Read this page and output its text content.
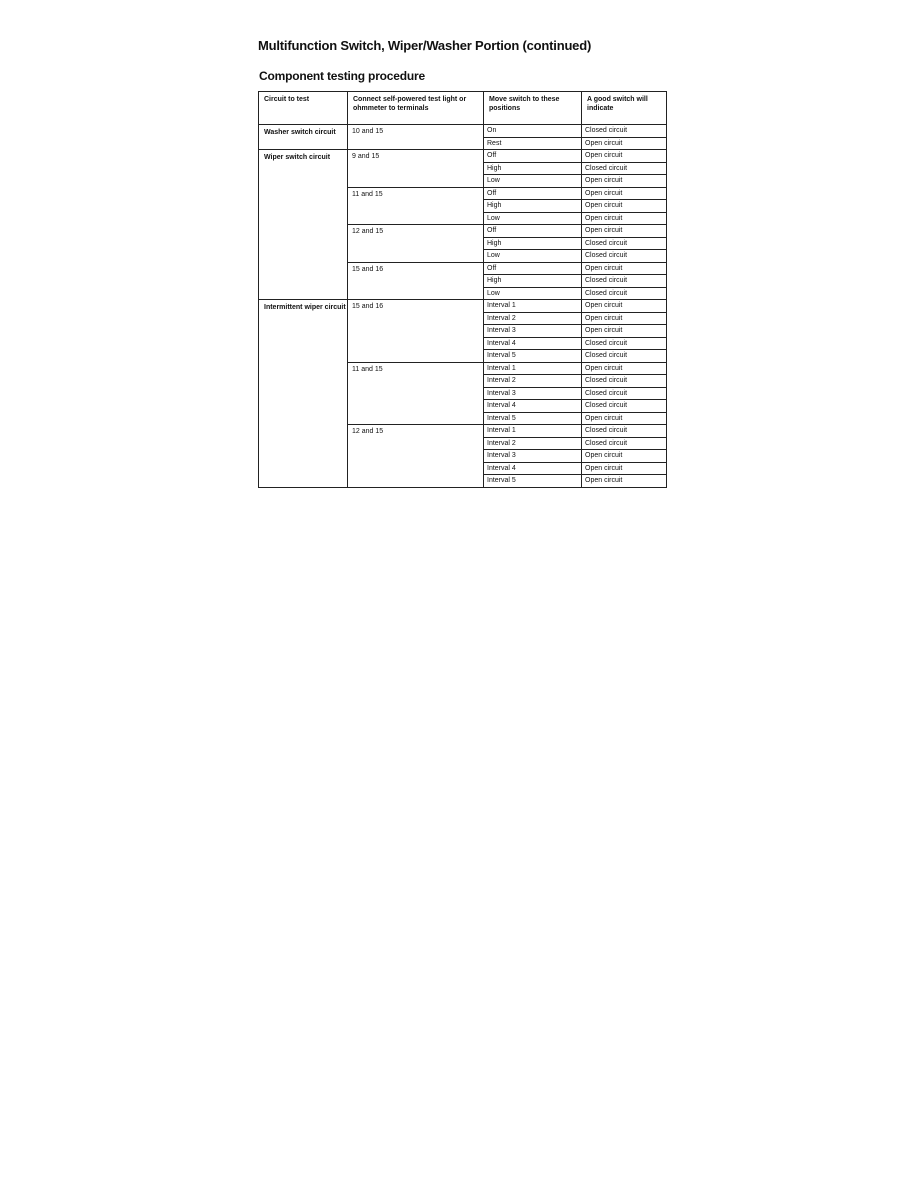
Multifunction Switch, Wiper/Washer Portion (continued)
Component testing procedure
Circuit to test	Connect self-powered test light or ohmmeter to terminals	Move switch to these positions	A good switch will indicate
Washer switch circuit	10 and 15	On	Closed circuit
		Rest	Open circuit
Wiper switch circuit	9 and 15	Off	Open circuit
		High	Closed circuit
		Low	Open circuit
	11 and 15	Off	Open circuit
		High	Open circuit
		Low	Open circuit
	12 and 15	Off	Open circuit
		High	Closed circuit
		Low	Closed circuit
	15 and 16	Off	Open circuit
		High	Closed circuit
		Low	Closed circuit
Intermittent wiper circuit	15 and 16	Interval 1	Open circuit
		Interval 2	Open circuit
		Interval 3	Open circuit
		Interval 4	Closed circuit
		Interval 5	Closed circuit
	11 and 15	Interval 1	Open circuit
		Interval 2	Closed circuit
		Interval 3	Closed circuit
		Interval 4	Closed circuit
		Interval 5	Open circuit
	12 and 15	Interval 1	Closed circuit
		Interval 2	Closed circuit
		Interval 3	Open circuit
		Interval 4	Open circuit
		Interval 5	Open circuit
